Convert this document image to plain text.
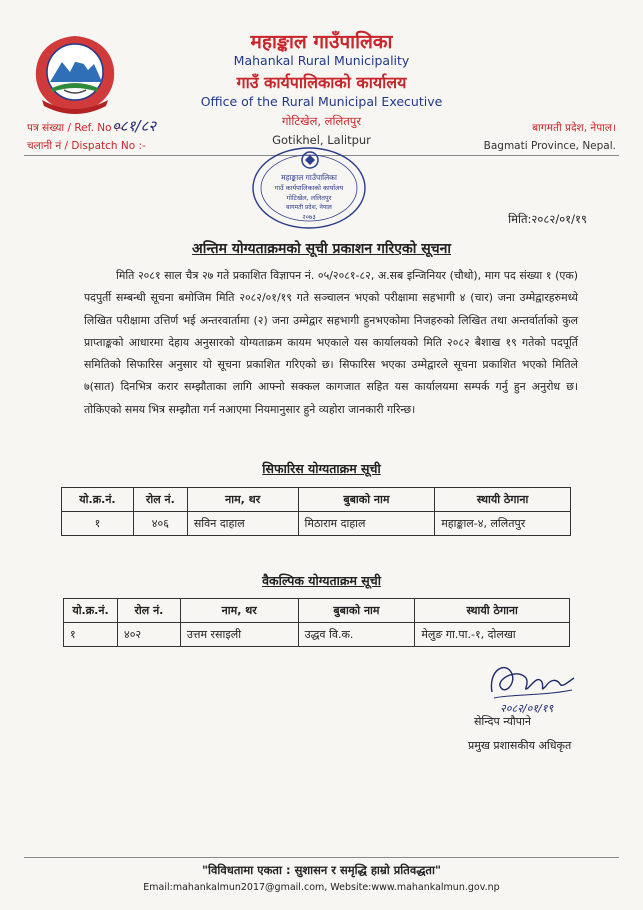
महाङ्काल गाउँपालिका
Mahankal Rural Municipality
गाउँ कार्यपालिकाको कार्यालय
Office of the Rural Municipal Executive
गोटिखेल, ललितपुर
Gotikhel, Lalitpur
पत्र संख्या / Ref. No :-
०८१/८२
चलानी नं / Dispatch No :-
बागमती प्रदेश, नेपाल।
Bagmati Province, Nepal.
महाङ्काल गाउँपालिका
गाउँ कार्यपालिकाको कार्यालय
गोटिखेल, ललितपुर
बागमती प्रदेश, नेपाल
२०७३	मिति:२०८२/०१/१९
अन्तिम योग्यताक्रमको सूची प्रकाशन गरिएको सूचना
मिति २०८१ साल चैत्र २७ गते प्रकाशित विज्ञापन नं. ०५/२०८१-८२, अ.सब इन्जिनियर (चौथो), माग पद संख्या १ (एक) पदपुर्ती सम्बन्धी सूचना बमोजिम मिति २०८२/०१/१९ गते सञ्चालन भएको परीक्षामा सहभागी ४ (चार) जना उम्मेद्वारहरुमध्ये लिखित परीक्षामा उत्तिर्ण भई अन्तरवार्तामा (२) जना उम्मेद्वार सहभागी हुनभएकोमा निजहरुको लिखित तथा अन्तर्वार्ताको कुल प्राप्ताङ्कको आधारमा देहाय अनुसारको योग्यताक्रम कायम भएकाले यस कार्यालयको मिति २०८२ बैशाख १९ गतेको पदपूर्ति समितिको सिफारिस अनुसार यो सूचना प्रकाशित गरिएको छ। सिफारिस भएका उम्मेद्वारले सूचना प्रकाशित भएको मितिले ७(सात) दिनभित्र करार सम्झौताका लागि आफ्नो सक्कल कागजात सहित यस कार्यालयमा सम्पर्क गर्नु हुन अनुरोध छ। तोकिएको समय भित्र सम्झौता गर्न नआएमा नियमानुसार हुने व्यहोरा जानकारी गरिन्छ।
सिफारिस योग्यताक्रम सूची
यो.क्र.नं.	रोल नं.	नाम, थर	बुबाको नाम	स्थायी ठेगाना
१	४०६	सविन दाहाल	मिठाराम दाहाल	महाङ्काल-४, ललितपुर
वैकल्पिक योग्यताक्रम सूची
यो.क्र.नं.	रोल नं.	नाम, थर	बुबाको नाम	स्थायी ठेगाना
१	४०२	उत्तम रसाइली	उद्धव वि.क.	मेलुङ गा.पा.-१, दोलखा
२०८२/०१/१९
सेन्दिप न्यौपाने
प्रमुख प्रशासकीय अधिकृत
"विविधतामा एकता : सुशासन र समृद्धि हाम्रो प्रतिवद्धता"
Email:mahankalmun2017@gmail.com, Website:www.mahankalmun.gov.np
